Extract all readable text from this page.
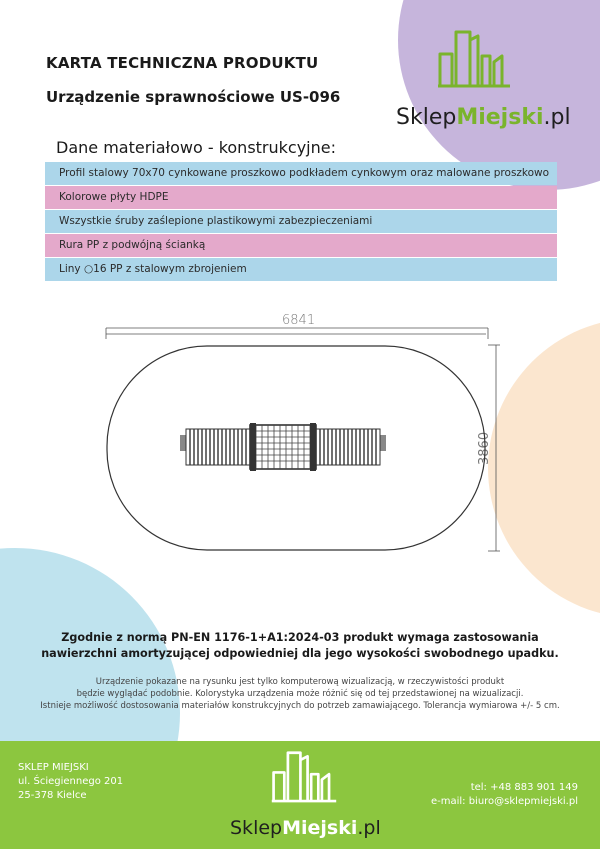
KARTA TECHNICZNA PRODUKTU
Urządzenie sprawnościowe US-096
SklepMiejski.pl
Dane materiałowo - konstrukcyjne:
Profil stalowy 70x70 cynkowane proszkowo podkładem cynkowym oraz malowane proszkowo
Kolorowe płyty HDPE
Wszystkie śruby zaślepione plastikowymi zabezpieczeniami
Rura PP z podwójną ścianką
Liny ○16 PP z stalowym zbrojeniem
6841
3860
Zgodnie z normą PN-EN 1176-1+A1:2024-03 produkt wymaga zastosowania
nawierzchni amortyzującej odpowiedniej dla jego wysokości swobodnego upadku.
Urządzenie pokazane na rysunku jest tylko komputerową wizualizacją, w rzeczywistości produkt
będzie wyglądać podobnie. Kolorystyka urządzenia może różnić się od tej przedstawionej na wizualizacji.
Istnieje możliwość dostosowania materiałów konstrukcyjnych do potrzeb zamawiającego. Tolerancja wymiarowa +/- 5 cm.
SKLEP MIEJSKI
ul. Ściegiennego 201
25-378 Kielce
SklepMiejski.pl
tel: +48 883 901 149
e-mail: biuro@sklepmiejski.pl
